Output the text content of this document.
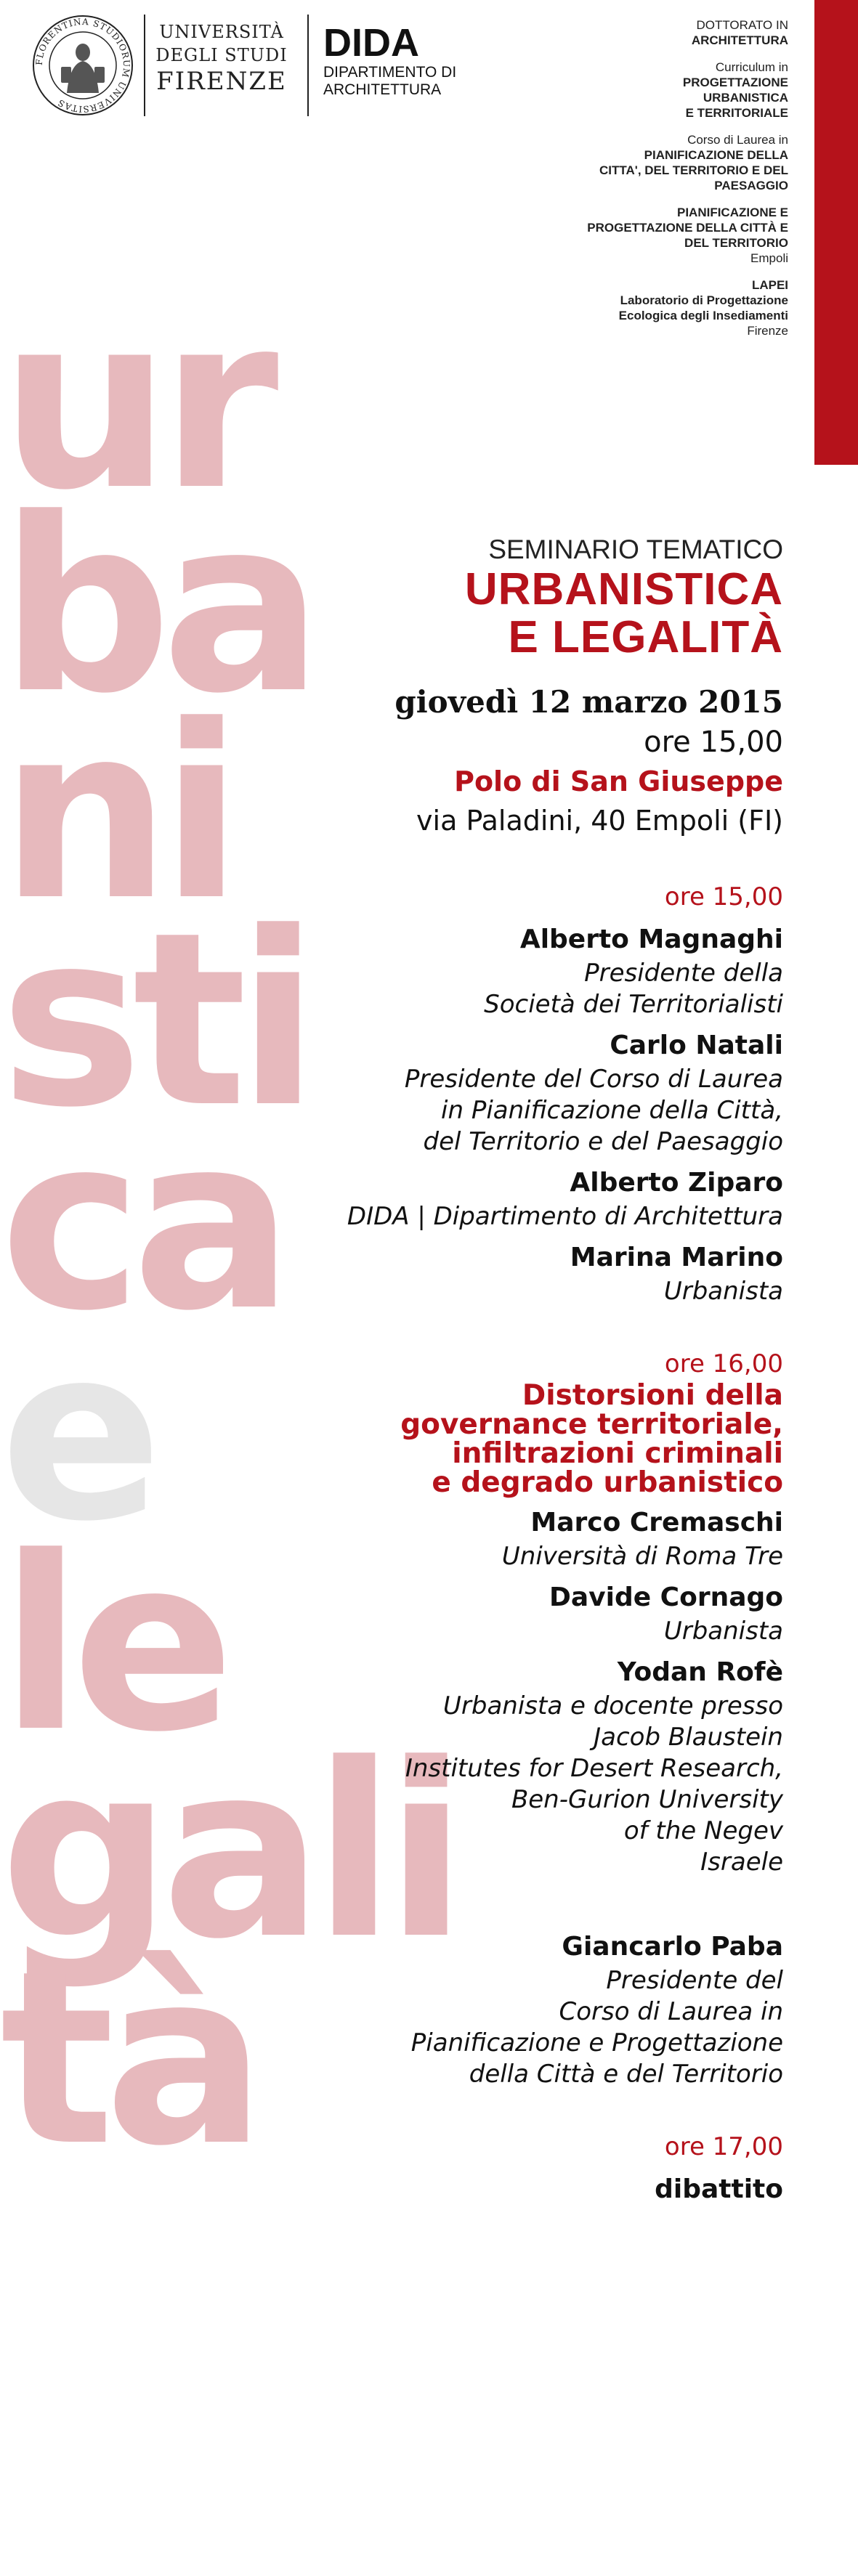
FLORENTINA STUDIORUM UNIVERSITAS
UNIVERSITÀ
DEGLI STUDI
FIRENZE
DIDA
DIPARTIMENTO DI
ARCHITETTURA
DOTTORATO IN
ARCHITETTURA
Curriculum in
PROGETTAZIONE
URBANISTICA
E TERRITORIALE
Corso di Laurea in
PIANIFICAZIONE DELLA
CITTA', DEL TERRITORIO E DEL
PAESAGGIO
PIANIFICAZIONE E
PROGETTAZIONE DELLA CITTÀ E
DEL TERRITORIO
Empoli
LAPEI
Laboratorio di Progettazione
Ecologica degli Insediamenti
Firenze
ur
ba
ni
sti
ca
e
le
gali
tà
SEMINARIO TEMATICO
URBANISTICA
E LEGALITÀ
giovedì 12 marzo 2015
ore 15,00
Polo di San Giuseppe
via Paladini, 40 Empoli (FI)
ore 15,00
Alberto Magnaghi
Presidente della
Società dei Territorialisti
Carlo Natali
Presidente del Corso di Laurea
in Pianificazione della Città,
del Territorio e del Paesaggio
Alberto Ziparo
DIDA | Dipartimento di Architettura
Marina Marino
Urbanista
ore 16,00
Distorsioni della
governance territoriale,
infiltrazioni criminali
e degrado urbanistico
Marco Cremaschi
Università di Roma Tre
Davide Cornago
Urbanista
Yodan Rofè
Urbanista e docente presso
Jacob Blaustein
Institutes for Desert Research,
Ben-Gurion University
of the Negev
Israele
Giancarlo Paba
Presidente del
Corso di Laurea in
Pianificazione e Progettazione
della Città e del Territorio
ore 17,00
dibattito
